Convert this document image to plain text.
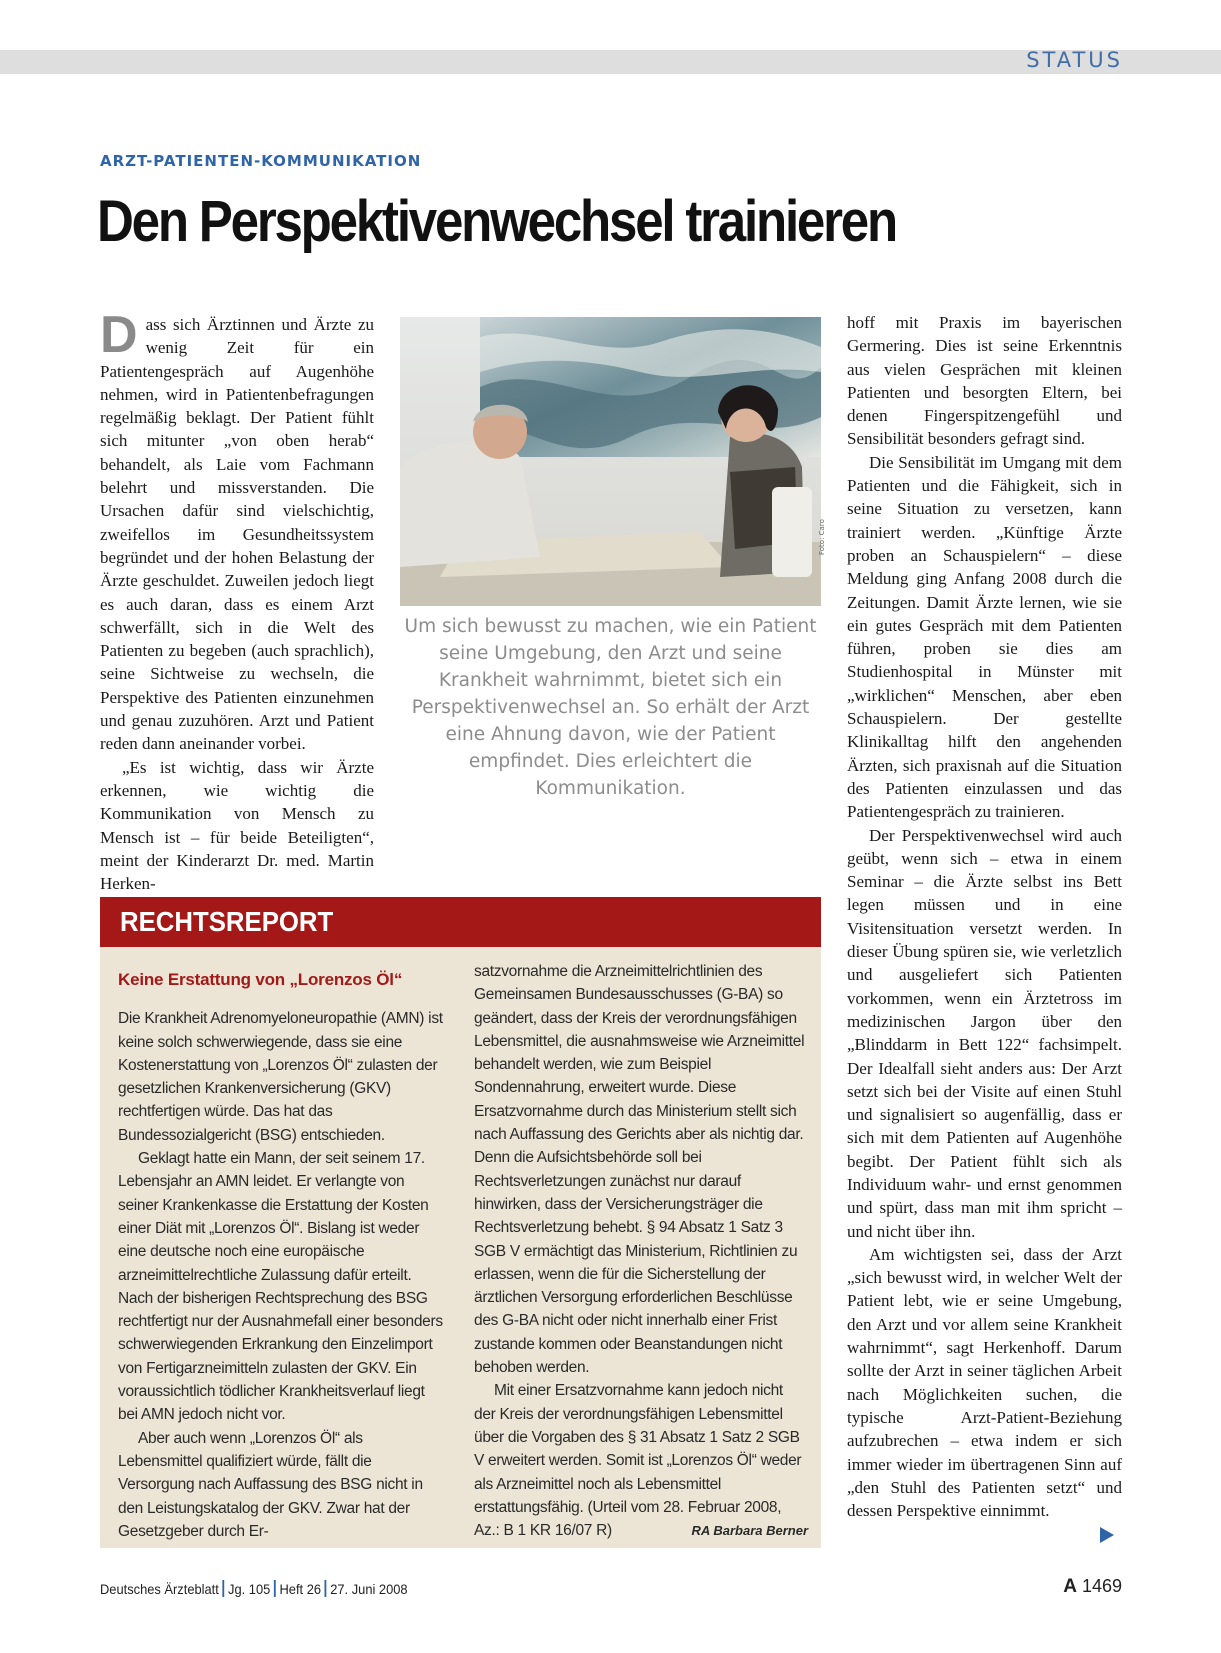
STATUS
ARZT-PATIENTEN-KOMMUNIKATION
Den Perspektivenwechsel trainieren

Dass sich Ärztinnen und Ärzte zu wenig Zeit für ein Patientengespräch auf Augenhöhe nehmen, wird in Patientenbefragungen regelmäßig beklagt. Der Patient fühlt sich mitunter „von oben herab“ behandelt, als Laie vom Fachmann belehrt und missverstanden. Die Ursachen dafür sind vielschichtig, zweifellos im Gesundheitssystem begründet und der hohen Belastung der Ärzte geschuldet. Zuweilen jedoch liegt es auch daran, dass es einem Arzt schwerfällt, sich in die Welt des Patienten zu begeben (auch sprachlich), seine Sichtweise zu wechseln, die Perspektive des Patienten einzunehmen und genau zuzuhören. Arzt und Patient reden dann aneinander vorbei.

„Es ist wichtig, dass wir Ärzte erkennen, wie wichtig die Kommunikation von Mensch zu Mensch ist – für beide Beteiligten“, meint der Kinderarzt Dr. med. Martin Herken-

Foto: Caro
Um sich bewusst zu machen, wie ein Patient seine Umgebung, den Arzt und seine Krankheit wahrnimmt, bietet sich ein Perspektivenwechsel an. So erhält der Arzt eine Ahnung davon, wie der Patient empfindet. Dies erleichtert die Kommunikation.

hoff mit Praxis im bayerischen Germering. Dies ist seine Erkenntnis aus vielen Gesprächen mit kleinen Patienten und besorgten Eltern, bei denen Fingerspitzengefühl und Sensibilität besonders gefragt sind.

Die Sensibilität im Umgang mit dem Patienten und die Fähigkeit, sich in seine Situation zu versetzen, kann trainiert werden. „Künftige Ärzte proben an Schauspielern“ – diese Meldung ging Anfang 2008 durch die Zeitungen. Damit Ärzte lernen, wie sie ein gutes Gespräch mit dem Patienten führen, proben sie dies am Studienhospital in Münster mit „wirklichen“ Menschen, aber eben Schauspielern. Der gestellte Klinikalltag hilft den angehenden Ärzten, sich praxisnah auf die Situation des Patienten einzulassen und das Patientengespräch zu trainieren.

Der Perspektivenwechsel wird auch geübt, wenn sich – etwa in einem Seminar – die Ärzte selbst ins Bett legen müssen und in eine Visitensituation versetzt werden. In dieser Übung spüren sie, wie verletzlich und ausgeliefert sich Patienten vorkommen, wenn ein Ärztetross im medizinischen Jargon über den „Blinddarm in Bett 122“ fachsimpelt. Der Idealfall sieht anders aus: Der Arzt setzt sich bei der Visite auf einen Stuhl und signalisiert so augenfällig, dass er sich mit dem Patienten auf Augenhöhe begibt. Der Patient fühlt sich als Individuum wahr- und ernst genommen und spürt, dass man mit ihm spricht – und nicht über ihn.

Am wichtigsten sei, dass der Arzt „sich bewusst wird, in welcher Welt der Patient lebt, wie er seine Umgebung, den Arzt und vor allem seine Krankheit wahrnimmt“, sagt Herkenhoff. Darum sollte der Arzt in seiner täglichen Arbeit nach Möglichkeiten suchen, die typische Arzt-Patient-Beziehung aufzubrechen – etwa indem er sich immer wieder im übertragenen Sinn auf „den Stuhl des Patienten setzt“ und dessen Perspektive einnimmt.

RECHTSREPORT
Keine Erstattung von „Lorenzos Öl“

Die Krankheit Adrenomyeloneuropathie (AMN) ist keine solch schwerwiegende, dass sie eine Kostenerstattung von „Lorenzos Öl“ zulasten der gesetzlichen Krankenversicherung (GKV) rechtfertigen würde. Das hat das Bundessozialgericht (BSG) entschieden.

Geklagt hatte ein Mann, der seit seinem 17. Lebensjahr an AMN leidet. Er verlangte von seiner Krankenkasse die Erstattung der Kosten einer Diät mit „Lorenzos Öl“. Bislang ist weder eine deutsche noch eine europäische arzneimittelrechtliche Zulassung dafür erteilt. Nach der bisherigen Rechtsprechung des BSG rechtfertigt nur der Ausnahmefall einer besonders schwerwiegenden Erkrankung den Einzelimport von Fertigarzneimitteln zulasten der GKV. Ein voraussichtlich tödlicher Krankheitsverlauf liegt bei AMN jedoch nicht vor.

Aber auch wenn „Lorenzos Öl“ als Lebensmittel qualifiziert würde, fällt die Versorgung nach Auffassung des BSG nicht in den Leistungskatalog der GKV. Zwar hat der Gesetzgeber durch Er-

satzvornahme die Arzneimittelrichtlinien des Gemeinsamen Bundesausschusses (G-BA) so geändert, dass der Kreis der verordnungsfähigen Lebensmittel, die ausnahmsweise wie Arzneimittel behandelt werden, wie zum Beispiel Sondennahrung, erweitert wurde. Diese Ersatzvornahme durch das Ministerium stellt sich nach Auffassung des Gerichts aber als nichtig dar. Denn die Aufsichtsbehörde soll bei Rechtsverletzungen zunächst nur darauf hinwirken, dass der Versicherungsträger die Rechtsverletzung behebt. § 94 Absatz 1 Satz 3 SGB V ermächtigt das Ministerium, Richtlinien zu erlassen, wenn die für die Sicherstellung der ärztlichen Versorgung erforderlichen Beschlüsse des G-BA nicht oder nicht innerhalb einer Frist zustande kommen oder Beanstandungen nicht behoben werden.

Mit einer Ersatzvornahme kann jedoch nicht der Kreis der verordnungsfähigen Lebensmittel über die Vorgaben des § 31 Absatz 1 Satz 2 SGB V erweitert werden. Somit ist „Lorenzos Öl“ weder als Arzneimittel noch als Lebensmittel erstattungsfähig. (Urteil vom 28. Februar 2008, Az.: B 1 KR 16/07 R)	RA Barbara Berner

Deutsches Ärzteblatt Jg. 105 Heft 26 27. Juni 2008	A 1469
